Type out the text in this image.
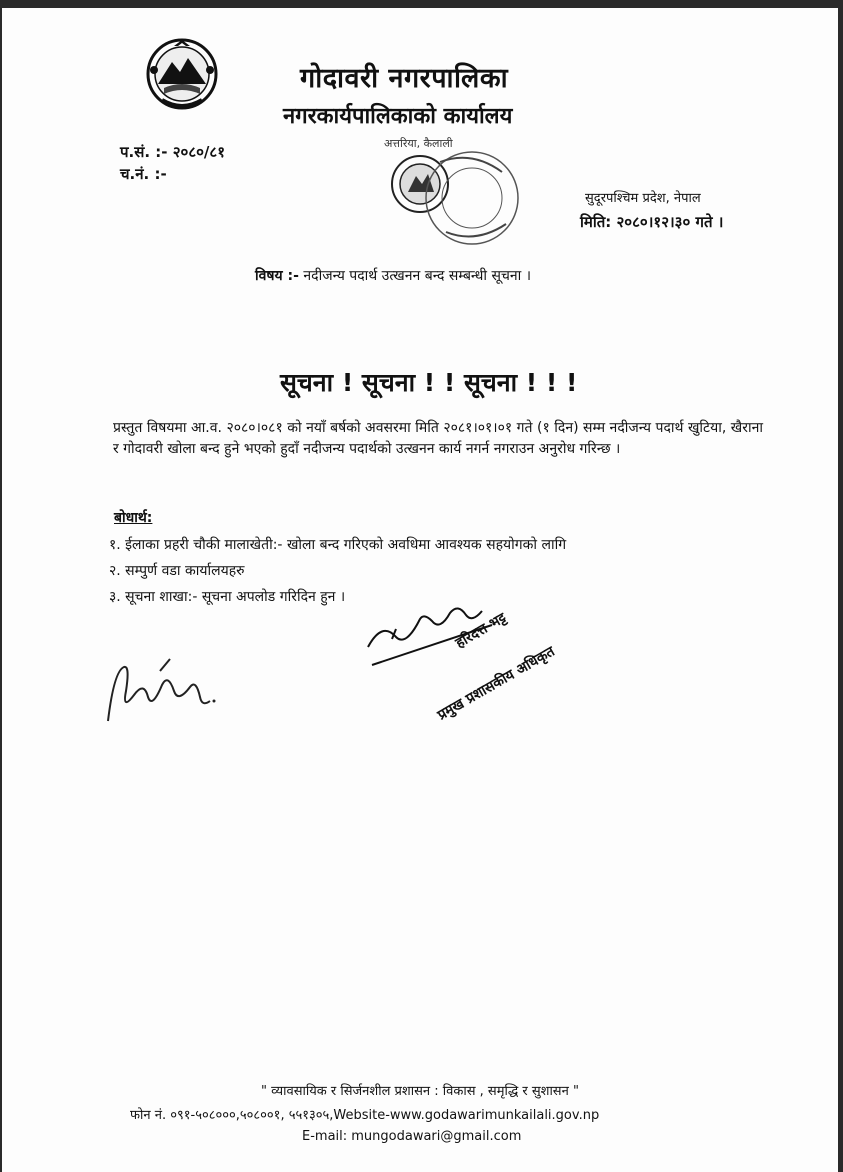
गोदावरी नगरपालिका
नगरकार्यपालिकाको कार्यालय
प.सं. :- २०८०/८१
च.नं. :-
अत्तरिया, कैलाली
सुदूरपश्चिम प्रदेश, नेपाल
मिति: २०८०।१२।३० गते ।
विषय :- नदीजन्य पदार्थ उत्खनन बन्द सम्बन्धी सूचना ।
सूचना ! सूचना ! ! सूचना ! ! !
प्रस्तुत विषयमा आ.व. २०८०।०८१ को नयाँ बर्षको अवसरमा मिति २०८१।०१।०१ गते (१ दिन) सम्म नदीजन्य पदार्थ खुटिया, खैराना र गोदावरी खोला बन्द हुने भएको हुदाँ नदीजन्य पदार्थको उत्खनन कार्य नगर्न नगराउन अनुरोध गरिन्छ ।
बोधार्थ:
१. ईलाका प्रहरी चौकी मालाखेती:- खोला बन्द गरिएको अवधिमा आवश्यक सहयोगको लागि
२. सम्पुर्ण वडा कार्यालयहरु
३. सूचना शाखा:- सूचना अपलोड गरिदिन हुन ।
हरिदत्त भट्ट
प्रमुख प्रशासकीय अधिकृत
" व्यावसायिक र सिर्जनशील प्रशासन : विकास , समृद्धि र सुशासन "
फोन नं. ०९१-५०८०००,५०८००१, ५५१३०५,Website-www.godawarimunkailali.gov.np
E-mail: mungodawari@gmail.com
